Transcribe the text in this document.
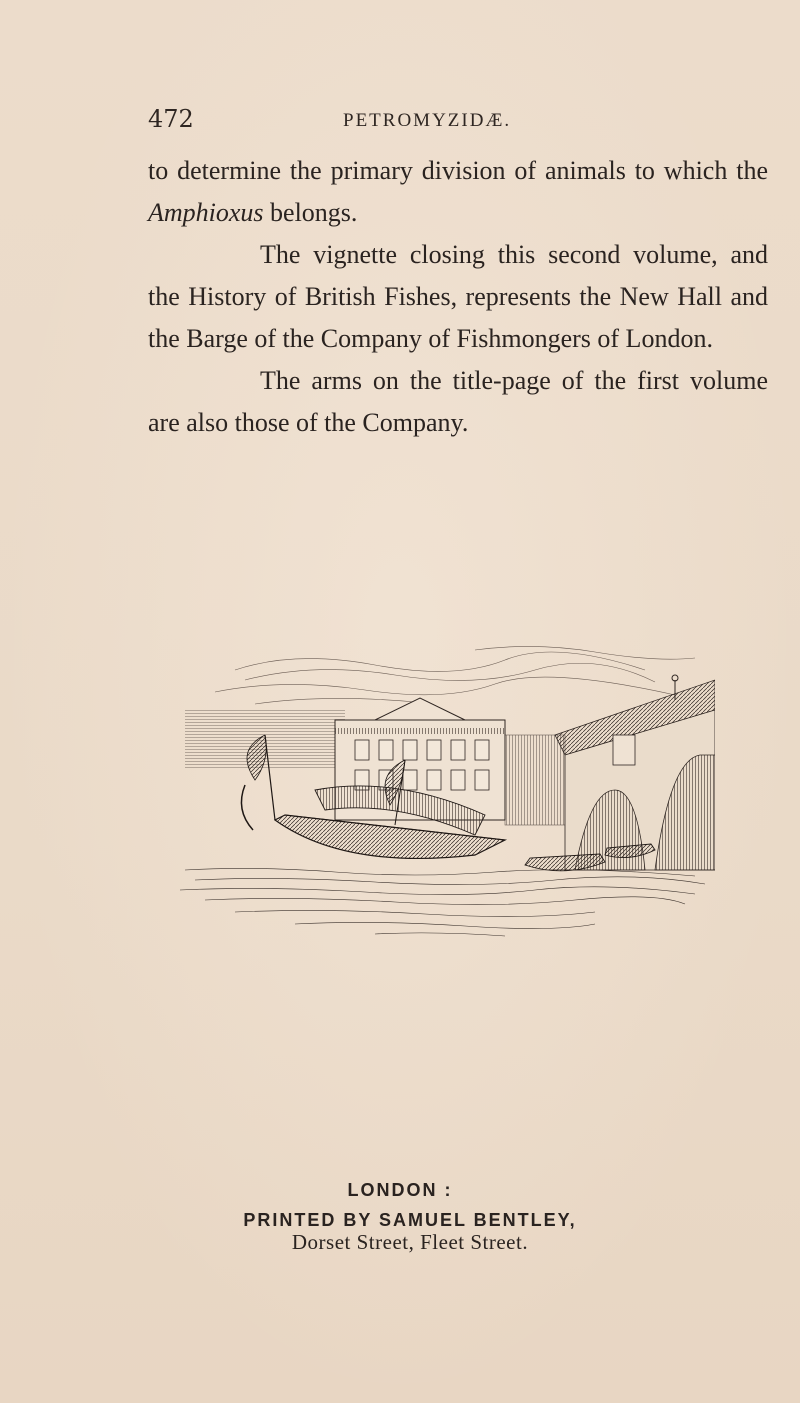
472	PETROMYZIDÆ.

to determine the primary division of animals to which the Amphioxus belongs.

The vignette closing this second volume, and the History of British Fishes, represents the New Hall and the Barge of the Company of Fishmongers of London.

The arms on the title-page of the first volume are also those of the Company.

LONDON :
PRINTED BY SAMUEL BENTLEY,
Dorset Street, Fleet Street.
